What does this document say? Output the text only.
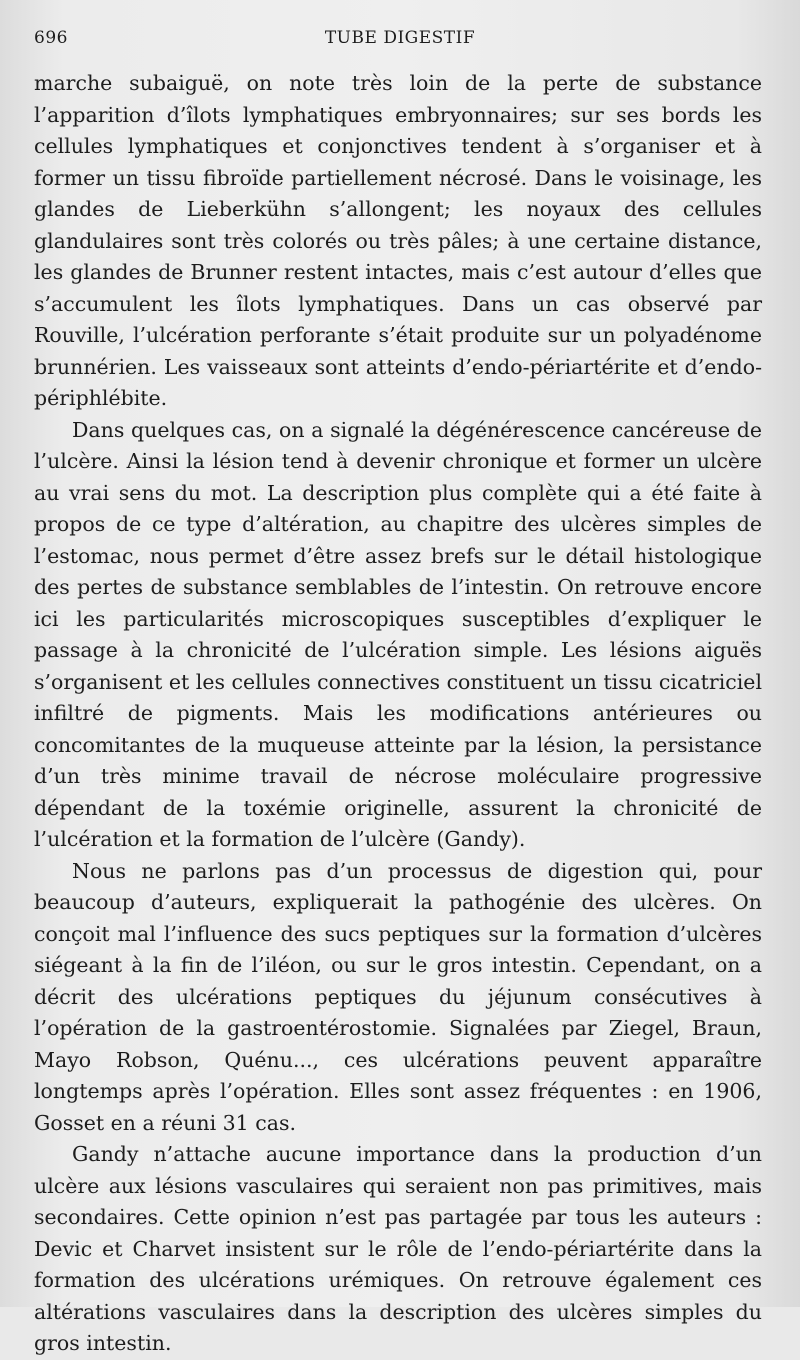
696	TUBE DIGESTIF

marche subaiguë, on note très loin de la perte de substance l’apparition d’îlots lymphatiques embryonnaires; sur ses bords les cellules lymphatiques et conjonctives tendent à s’organiser et à former un tissu fibroïde partiellement nécrosé. Dans le voisinage, les glandes de Lieberkühn s’allongent; les noyaux des cellules glandulaires sont très colorés ou très pâles; à une certaine distance, les glandes de Brunner restent intactes, mais c’est autour d’elles que s’accumulent les îlots lymphatiques. Dans un cas observé par Rouville, l’ulcération perforante s’était produite sur un polyadénome brunnérien. Les vaisseaux sont atteints d’endo-périartérite et d’endo-périphlébite.

Dans quelques cas, on a signalé la dégénérescence cancéreuse de l’ulcère. Ainsi la lésion tend à devenir chronique et former un ulcère au vrai sens du mot. La description plus complète qui a été faite à propos de ce type d’altération, au chapitre des ulcères simples de l’estomac, nous permet d’être assez brefs sur le détail histologique des pertes de substance semblables de l’intestin. On retrouve encore ici les particularités microscopiques susceptibles d’expliquer le passage à la chronicité de l’ulcération simple. Les lésions aiguës s’organisent et les cellules connectives constituent un tissu cicatriciel infiltré de pigments. Mais les modifications antérieures ou concomitantes de la muqueuse atteinte par la lésion, la persistance d’un très minime travail de nécrose moléculaire progressive dépendant de la toxémie originelle, assurent la chronicité de l’ulcération et la formation de l’ulcère (Gandy).

Nous ne parlons pas d’un processus de digestion qui, pour beaucoup d’auteurs, expliquerait la pathogénie des ulcères. On conçoit mal l’influence des sucs peptiques sur la formation d’ulcères siégeant à la fin de l’iléon, ou sur le gros intestin. Cependant, on a décrit des ulcérations peptiques du jéjunum consécutives à l’opération de la gastroentérostomie. Signalées par Ziegel, Braun, Mayo Robson, Quénu..., ces ulcérations peuvent apparaître longtemps après l’opération. Elles sont assez fréquentes : en 1906, Gosset en a réuni 31 cas.

Gandy n’attache aucune importance dans la production d’un ulcère aux lésions vasculaires qui seraient non pas primitives, mais secondaires. Cette opinion n’est pas partagée par tous les auteurs : Devic et Charvet insistent sur le rôle de l’endo-périartérite dans la formation des ulcérations urémiques. On retrouve également ces altérations vasculaires dans la description des ulcères simples du gros intestin.
